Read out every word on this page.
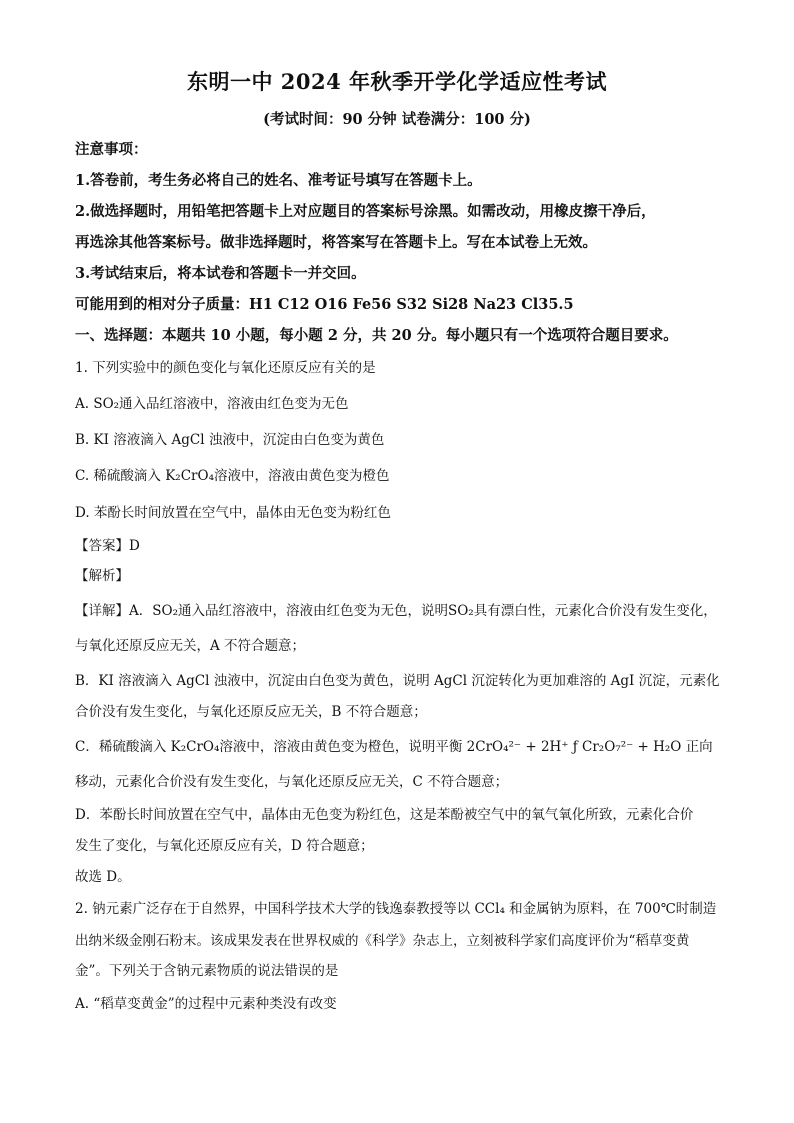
东明一中 2024 年秋季开学化学适应性考试
(考试时间：90 分钟 试卷满分：100 分)
注意事项：
1.答卷前，考生务必将自己的姓名、准考证号填写在答题卡上。
2.做选择题时，用铅笔把答题卡上对应题目的答案标号涂黑。如需改动，用橡皮擦干净后，
再选涂其他答案标号。做非选择题时，将答案写在答题卡上。写在本试卷上无效。
3.考试结束后，将本试卷和答题卡一并交回。
可能用到的相对分子质量：H1 C12 O16 Fe56 S32 Si28 Na23 Cl35.5
一、选择题：本题共 10 小题，每小题 2 分，共 20 分。每小题只有一个选项符合题目要求。
1. 下列实验中的颜色变化与氧化还原反应有关的是
A. SO₂通入品红溶液中，溶液由红色变为无色
B. KI 溶液滴入 AgCl 浊液中，沉淀由白色变为黄色
C. 稀硫酸滴入 K₂CrO₄溶液中，溶液由黄色变为橙色
D. 苯酚长时间放置在空气中，晶体由无色变为粉红色
【答案】D
【解析】
【详解】A．SO₂通入品红溶液中，溶液由红色变为无色，说明SO₂具有漂白性，元素化合价没有发生变化，
与氧化还原反应无关，A 不符合题意；
B．KI 溶液滴入 AgCl 浊液中，沉淀由白色变为黄色，说明 AgCl 沉淀转化为更加难溶的 AgI 沉淀，元素化
合价没有发生变化，与氧化还原反应无关，B 不符合题意；
C．稀硫酸滴入 K₂CrO₄溶液中，溶液由黄色变为橙色，说明平衡 2CrO₄²⁻ + 2H⁺ ƒ Cr₂O₇²⁻ + H₂O 正向
移动，元素化合价没有发生变化，与氧化还原反应无关，C 不符合题意；
D．苯酚长时间放置在空气中，晶体由无色变为粉红色，这是苯酚被空气中的氧气氧化所致，元素化合价
发生了变化，与氧化还原反应有关，D 符合题意；
故选 D。
2. 钠元素广泛存在于自然界，中国科学技术大学的钱逸泰教授等以 CCl₄ 和金属钠为原料，在 700℃时制造
出纳米级金刚石粉末。该成果发表在世界权威的《科学》杂志上，立刻被科学家们高度评价为“稻草变黄
金”。下列关于含钠元素物质的说法错误的是
A. “稻草变黄金”的过程中元素种类没有改变
